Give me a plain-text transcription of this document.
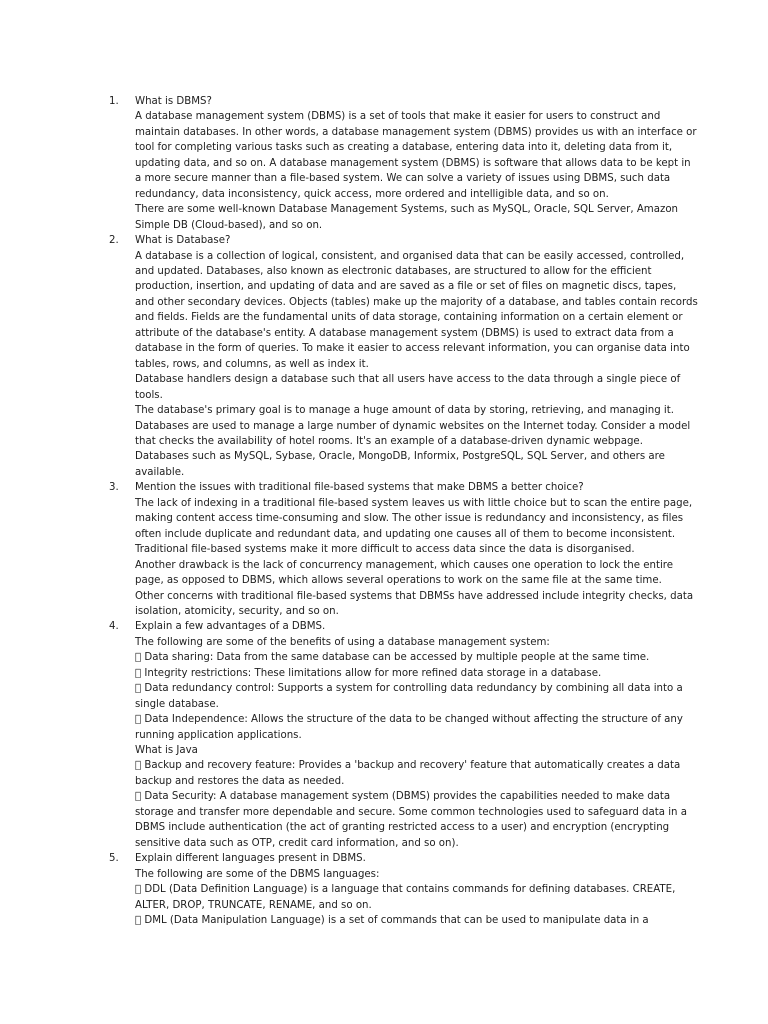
1. What is DBMS?
A database management system (DBMS) is a set of tools that make it easier for users to construct and
maintain databases. In other words, a database management system (DBMS) provides us with an interface or
tool for completing various tasks such as creating a database, entering data into it, deleting data from it,
updating data, and so on. A database management system (DBMS) is software that allows data to be kept in
a more secure manner than a file-based system. We can solve a variety of issues using DBMS, such data
redundancy, data inconsistency, quick access, more ordered and intelligible data, and so on.
There are some well-known Database Management Systems, such as MySQL, Oracle, SQL Server, Amazon
Simple DB (Cloud-based), and so on.
2. What is Database?
A database is a collection of logical, consistent, and organised data that can be easily accessed, controlled,
and updated. Databases, also known as electronic databases, are structured to allow for the efficient
production, insertion, and updating of data and are saved as a file or set of files on magnetic discs, tapes,
and other secondary devices. Objects (tables) make up the majority of a database, and tables contain records
and fields. Fields are the fundamental units of data storage, containing information on a certain element or
attribute of the database's entity. A database management system (DBMS) is used to extract data from a
database in the form of queries. To make it easier to access relevant information, you can organise data into
tables, rows, and columns, as well as index it.
Database handlers design a database such that all users have access to the data through a single piece of
tools.
The database's primary goal is to manage a huge amount of data by storing, retrieving, and managing it.
Databases are used to manage a large number of dynamic websites on the Internet today. Consider a model
that checks the availability of hotel rooms. It's an example of a database-driven dynamic webpage.
Databases such as MySQL, Sybase, Oracle, MongoDB, Informix, PostgreSQL, SQL Server, and others are
available.
3. Mention the issues with traditional file-based systems that make DBMS a better choice?
The lack of indexing in a traditional file-based system leaves us with little choice but to scan the entire page,
making content access time-consuming and slow. The other issue is redundancy and inconsistency, as files
often include duplicate and redundant data, and updating one causes all of them to become inconsistent.
Traditional file-based systems make it more difficult to access data since the data is disorganised.
Another drawback is the lack of concurrency management, which causes one operation to lock the entire
page, as opposed to DBMS, which allows several operations to work on the same file at the same time.
Other concerns with traditional file-based systems that DBMSs have addressed include integrity checks, data
isolation, atomicity, security, and so on.
4. Explain a few advantages of a DBMS.
The following are some of the benefits of using a database management system:
Data sharing: Data from the same database can be accessed by multiple people at the same time.
Integrity restrictions: These limitations allow for more refined data storage in a database.
Data redundancy control: Supports a system for controlling data redundancy by combining all data into a
single database.
Data Independence: Allows the structure of the data to be changed without affecting the structure of any
running application applications.
What is Java
Backup and recovery feature: Provides a 'backup and recovery' feature that automatically creates a data
backup and restores the data as needed.
Data Security: A database management system (DBMS) provides the capabilities needed to make data
storage and transfer more dependable and secure. Some common technologies used to safeguard data in a
DBMS include authentication (the act of granting restricted access to a user) and encryption (encrypting
sensitive data such as OTP, credit card information, and so on).
5. Explain different languages present in DBMS.
The following are some of the DBMS languages:
DDL (Data Definition Language) is a language that contains commands for defining databases. CREATE,
ALTER, DROP, TRUNCATE, RENAME, and so on.
DML (Data Manipulation Language) is a set of commands that can be used to manipulate data in a
